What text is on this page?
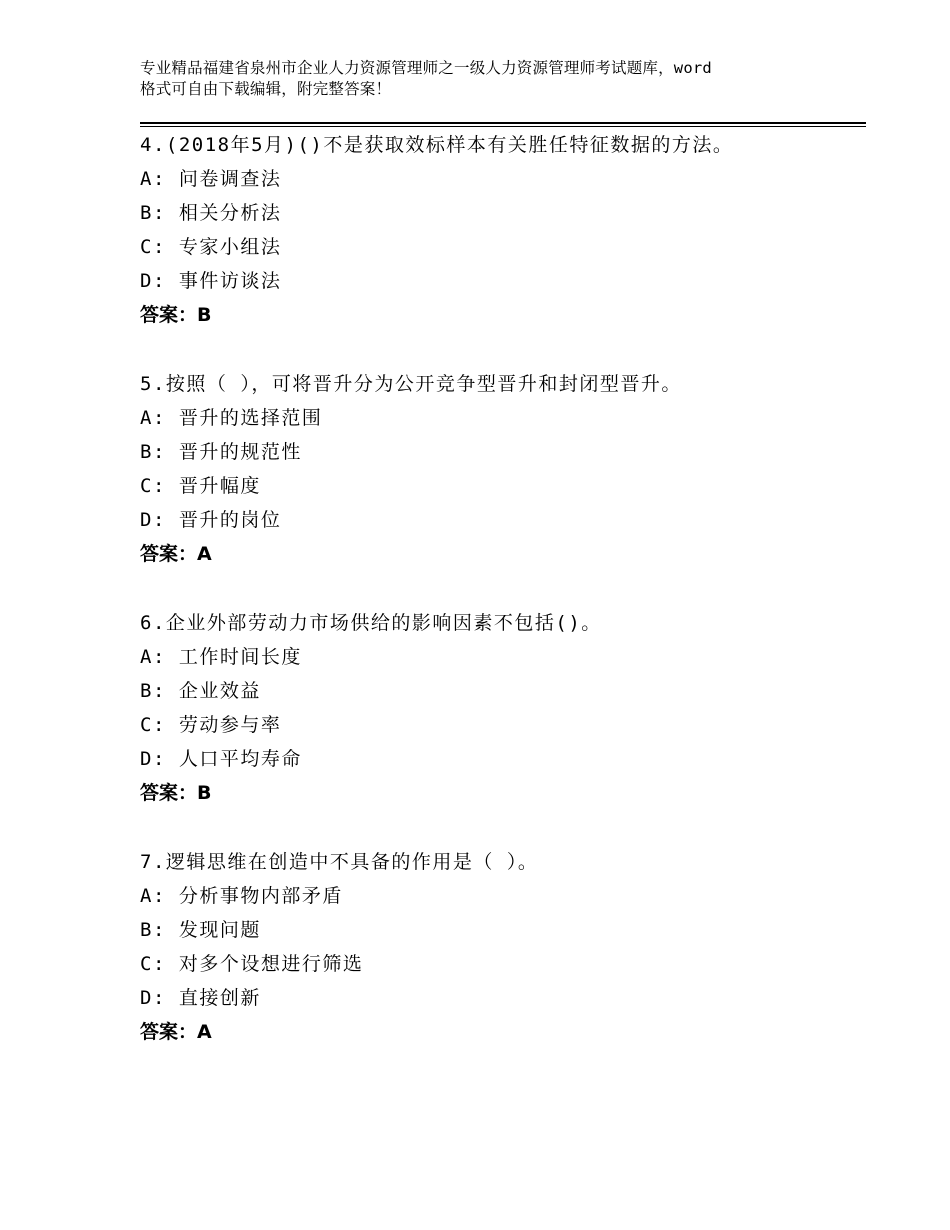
专业精品福建省泉州市企业人力资源管理师之一级人力资源管理师考试题库，word
格式可自由下载编辑，附完整答案！
4.(2018年5月)()不是获取效标样本有关胜任特征数据的方法。
A: 问卷调查法
B: 相关分析法
C: 专家小组法
D: 事件访谈法
答案：B
5.按照（ ），可将晋升分为公开竞争型晋升和封闭型晋升。
A: 晋升的选择范围
B: 晋升的规范性
C: 晋升幅度
D: 晋升的岗位
答案：A
6.企业外部劳动力市场供给的影响因素不包括()。
A: 工作时间长度
B: 企业效益
C: 劳动参与率
D: 人口平均寿命
答案：B
7.逻辑思维在创造中不具备的作用是（ ）。
A: 分析事物内部矛盾
B: 发现问题
C: 对多个设想进行筛选
D: 直接创新
答案：A
